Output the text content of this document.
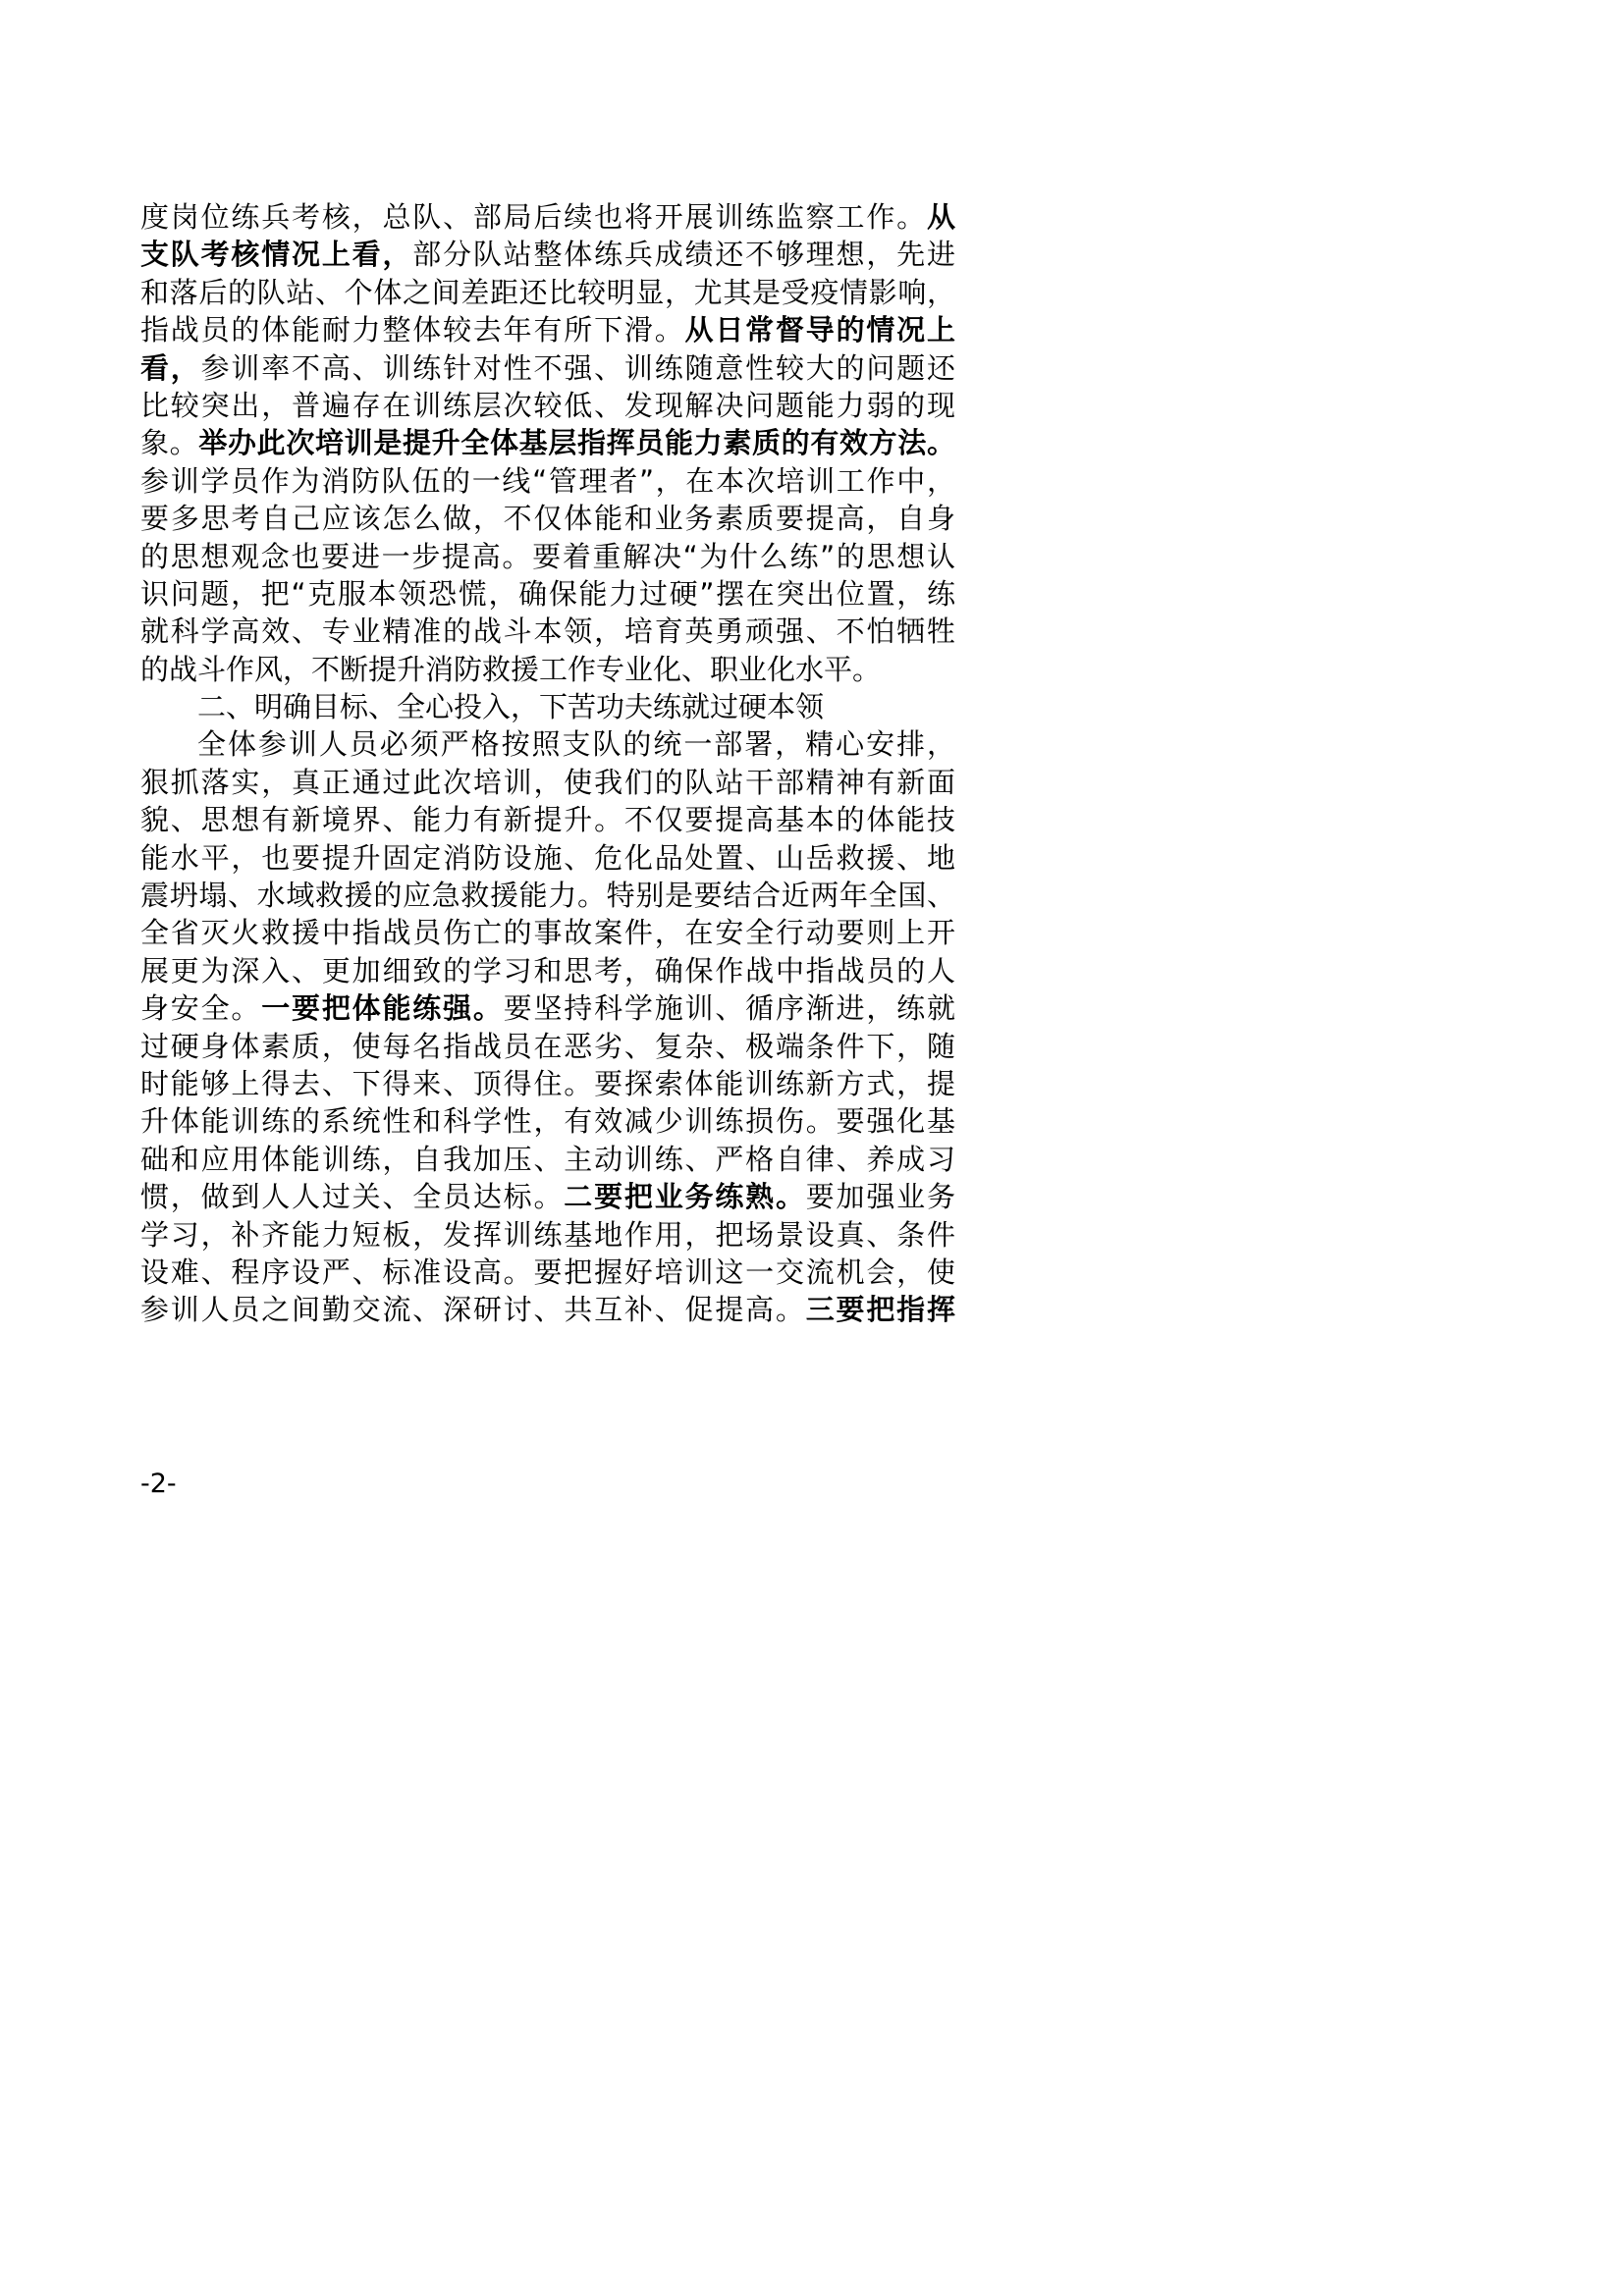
度岗位练兵考核，总队、部局后续也将开展训练监察工作。从
支队考核情况上看，部分队站整体练兵成绩还不够理想，先进
和落后的队站、个体之间差距还比较明显，尤其是受疫情影响，
指战员的体能耐力整体较去年有所下滑。从日常督导的情况上
看，参训率不高、训练针对性不强、训练随意性较大的问题还
比较突出，普遍存在训练层次较低、发现解决问题能力弱的现
象。举办此次培训是提升全体基层指挥员能力素质的有效方法。
参训学员作为消防队伍的一线“管理者”，在本次培训工作中，
要多思考自己应该怎么做，不仅体能和业务素质要提高，自身
的思想观念也要进一步提高。要着重解决“为什么练”的思想认
识问题，把“克服本领恐慌，确保能力过硬”摆在突出位置，练
就科学高效、专业精准的战斗本领，培育英勇顽强、不怕牺牲
的战斗作风，不断提升消防救援工作专业化、职业化水平。
二、明确目标、全心投入，下苦功夫练就过硬本领
全体参训人员必须严格按照支队的统一部署，精心安排，
狠抓落实，真正通过此次培训，使我们的队站干部精神有新面
貌、思想有新境界、能力有新提升。不仅要提高基本的体能技
能水平，也要提升固定消防设施、危化品处置、山岳救援、地
震坍塌、水域救援的应急救援能力。特别是要结合近两年全国、
全省灭火救援中指战员伤亡的事故案件，在安全行动要则上开
展更为深入、更加细致的学习和思考，确保作战中指战员的人
身安全。一要把体能练强。要坚持科学施训、循序渐进，练就
过硬身体素质，使每名指战员在恶劣、复杂、极端条件下，随
时能够上得去、下得来、顶得住。要探索体能训练新方式，提
升体能训练的系统性和科学性，有效减少训练损伤。要强化基
础和应用体能训练，自我加压、主动训练、严格自律、养成习
惯，做到人人过关、全员达标。二要把业务练熟。要加强业务
学习，补齐能力短板，发挥训练基地作用，把场景设真、条件
设难、程序设严、标准设高。要把握好培训这一交流机会，使
参训人员之间勤交流、深研讨、共互补、促提高。三要把指挥
-2-
